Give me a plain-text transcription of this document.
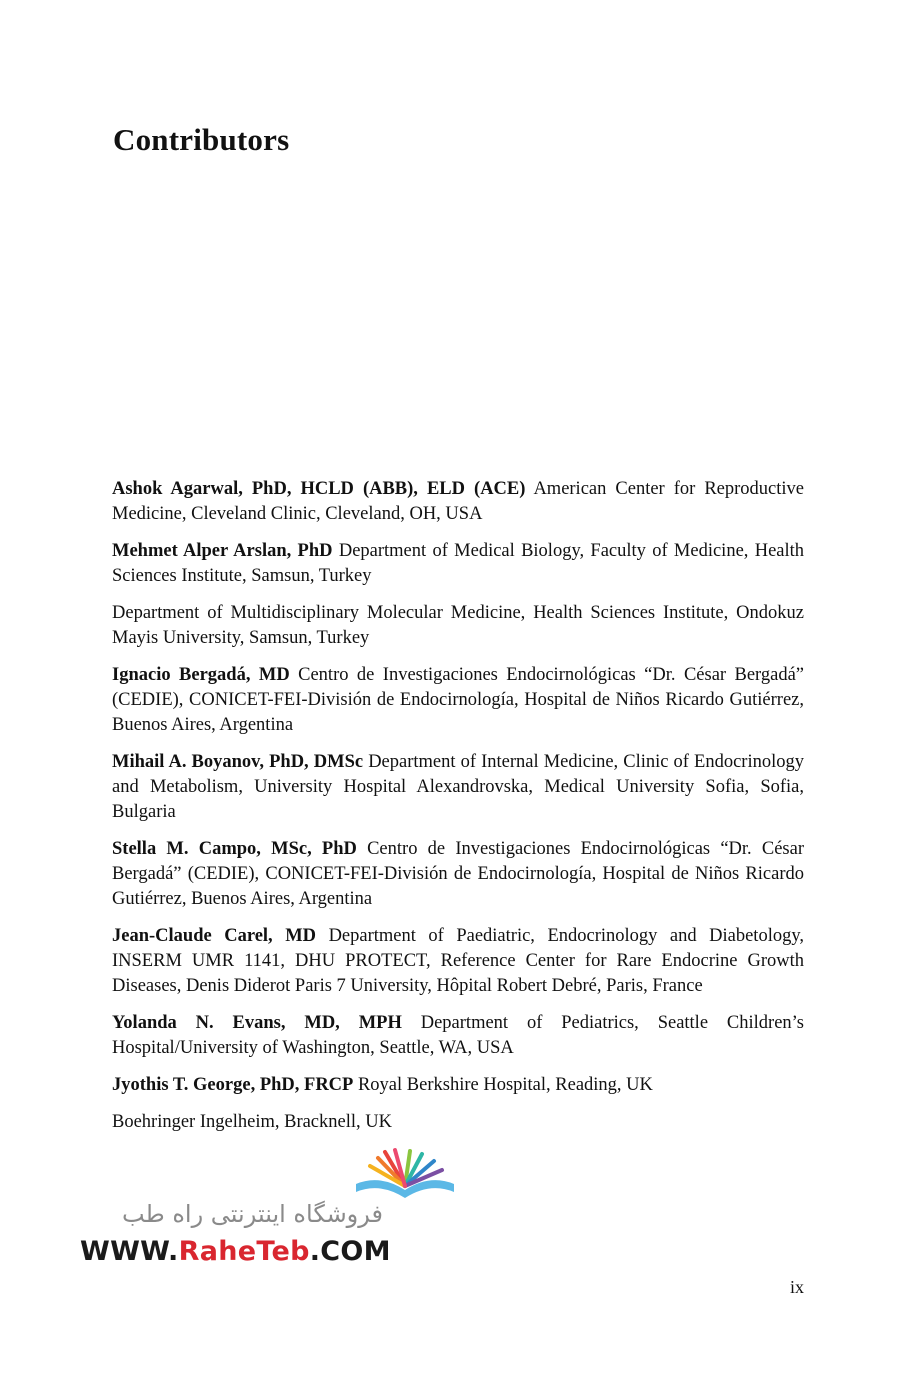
Contributors

Ashok Agarwal, PhD, HCLD (ABB), ELD (ACE) American Center for Reproductive Medicine, Cleveland Clinic, Cleveland, OH, USA

Mehmet Alper Arslan, PhD Department of Medical Biology, Faculty of Medicine, Health Sciences Institute, Samsun, Turkey

Department of Multidisciplinary Molecular Medicine, Health Sciences Institute, Ondokuz Mayis University, Samsun, Turkey

Ignacio Bergadá, MD Centro de Investigaciones Endocirnológicas “Dr. César Bergadá” (CEDIE), CONICET-FEI-División de Endocirnología, Hospital de Niños Ricardo Gutiérrez, Buenos Aires, Argentina

Mihail A. Boyanov, PhD, DMSc Department of Internal Medicine, Clinic of Endocrinology and Metabolism, University Hospital Alexandrovska, Medical University Sofia, Sofia, Bulgaria

Stella M. Campo, MSc, PhD Centro de Investigaciones Endocirnológicas “Dr. César Bergadá” (CEDIE), CONICET-FEI-División de Endocirnología, Hospital de Niños Ricardo Gutiérrez, Buenos Aires, Argentina

Jean-Claude Carel, MD Department of Paediatric, Endocrinology and Diabetology, INSERM UMR 1141, DHU PROTECT, Reference Center for Rare Endocrine Growth Diseases, Denis Diderot Paris 7 University, Hôpital Robert Debré, Paris, France

Yolanda N. Evans, MD, MPH Department of Pediatrics, Seattle Children’s Hospital/University of Washington, Seattle, WA, USA

Jyothis T. George, PhD, FRCP Royal Berkshire Hospital, Reading, UK

Boehringer Ingelheim, Bracknell, UK

فروشگاه اینترنتی راه طب
WWW.RaheTeb.COM
ix
